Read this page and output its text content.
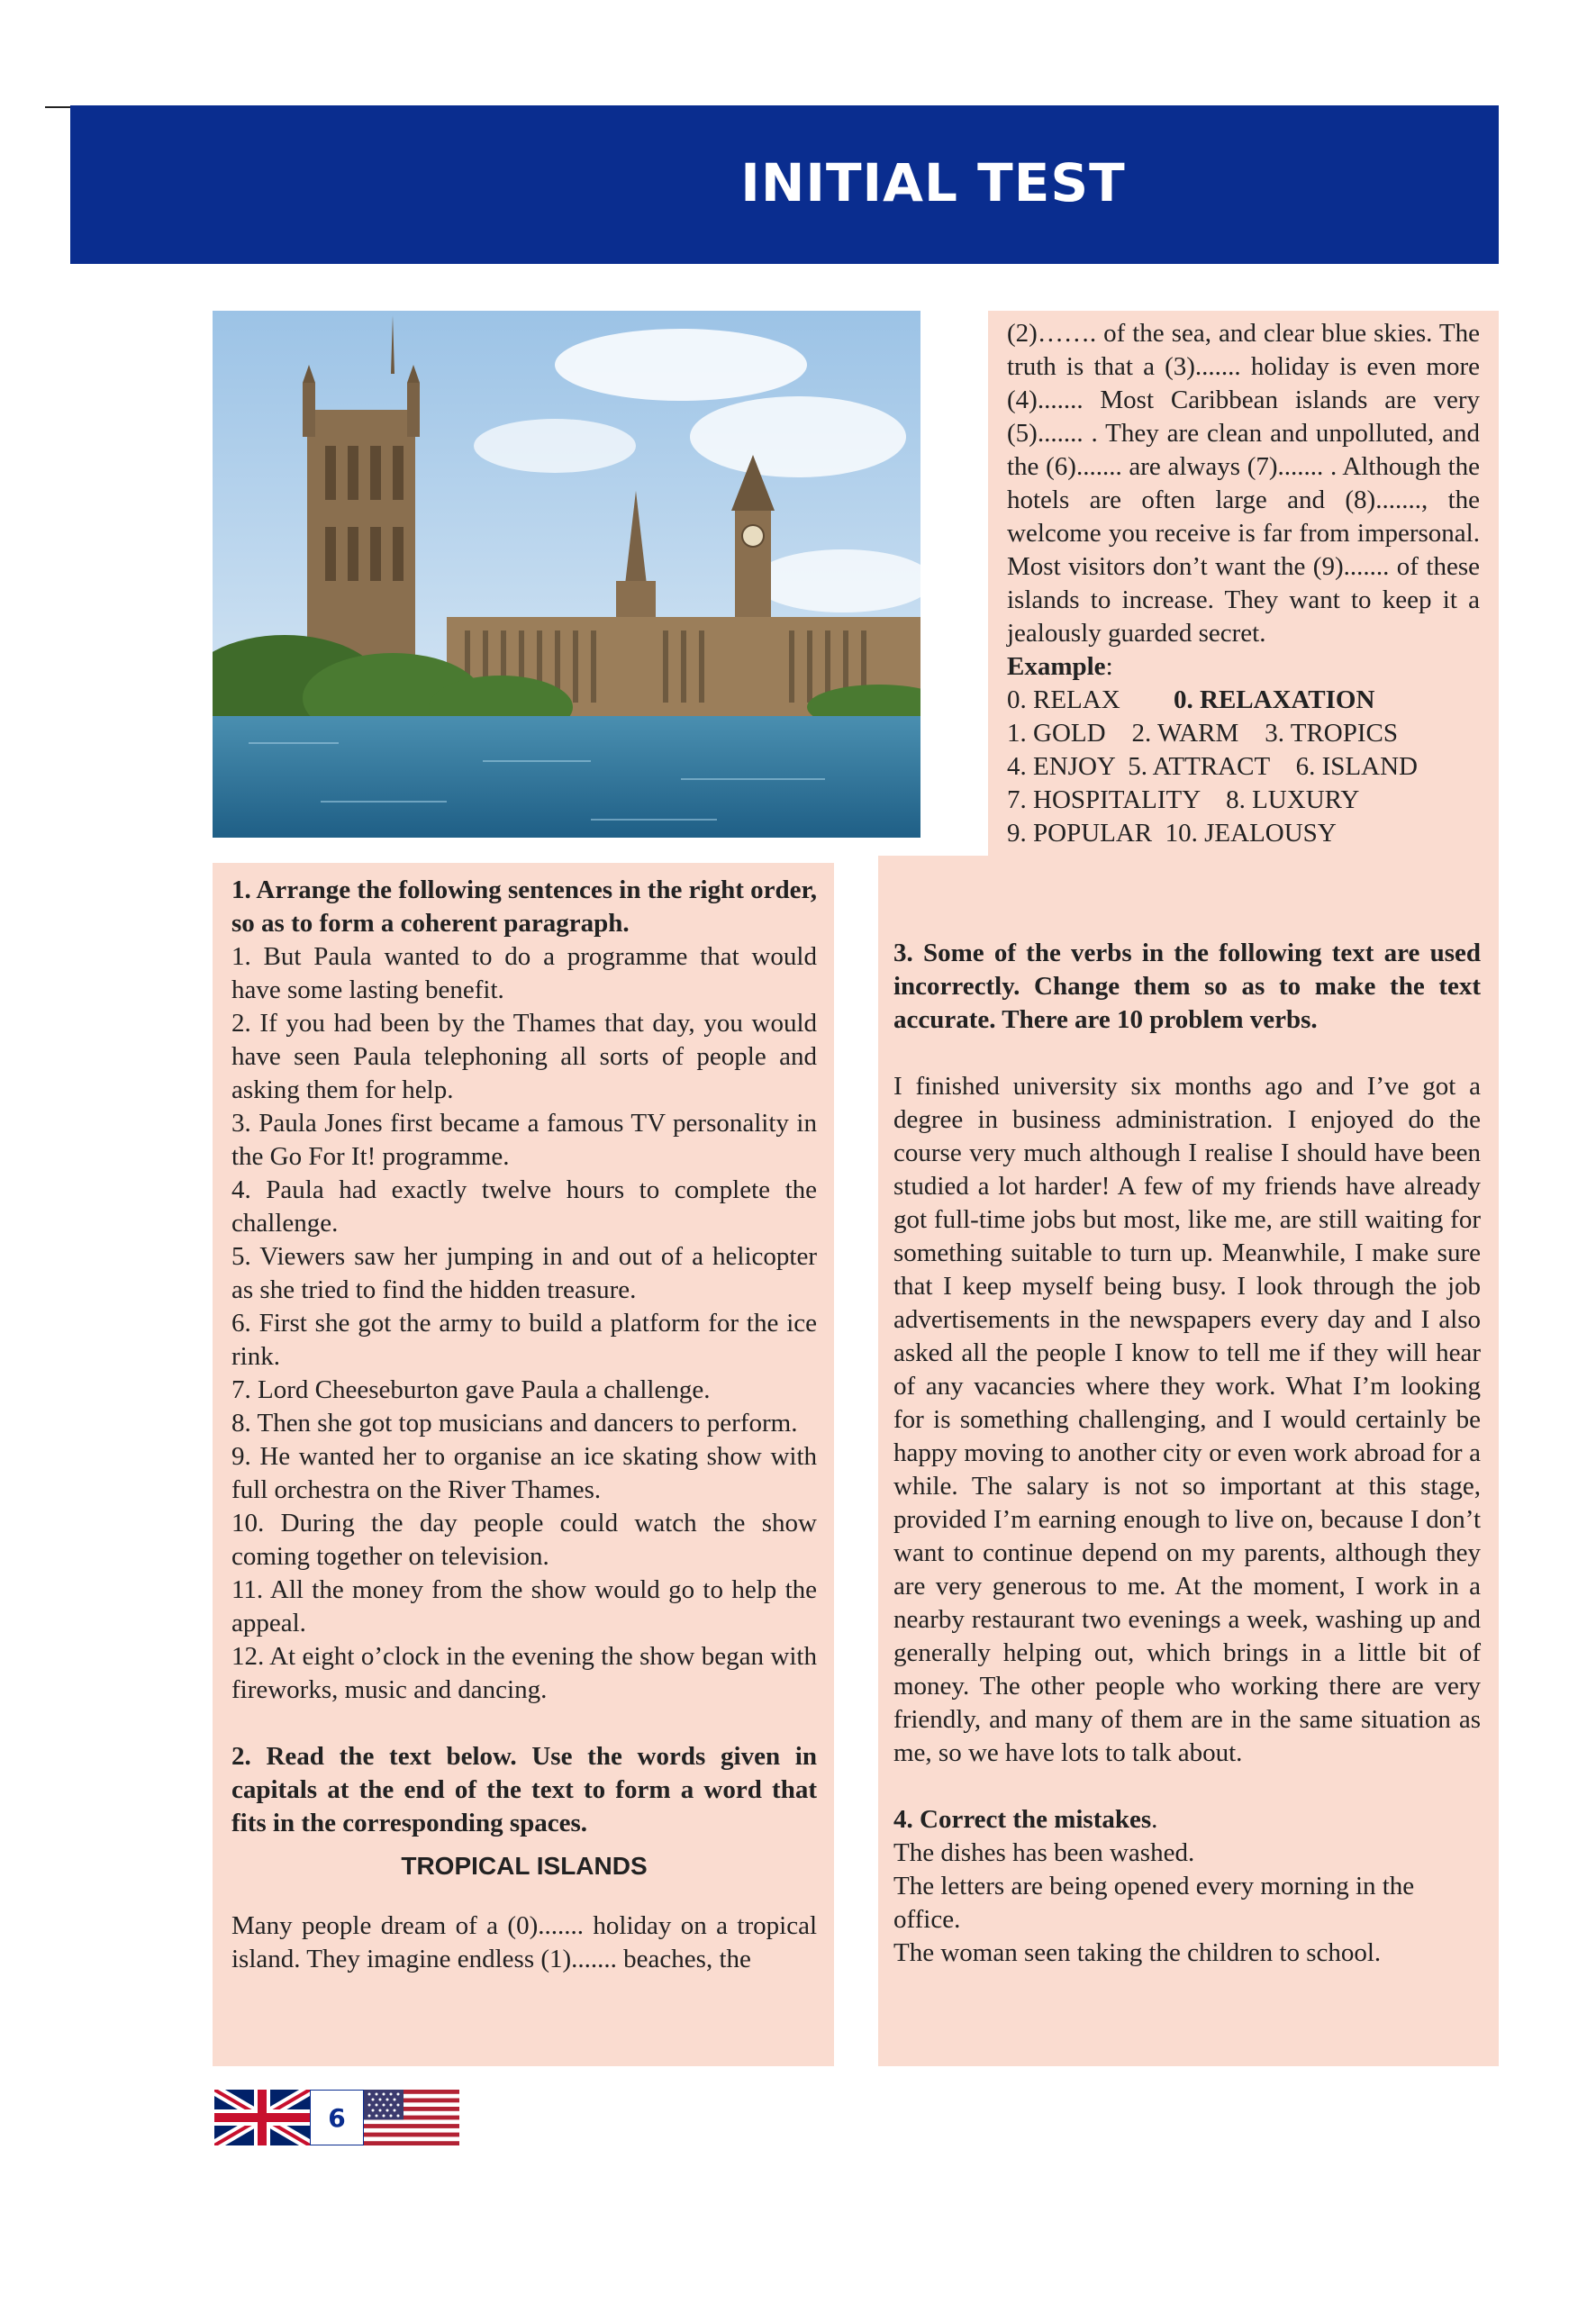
INITIAL TEST

1. Arrange the following sentences in the right order, so as to form a coherent paragraph.

1. But Paula wanted to do a programme that would have some lasting benefit.

2. If you had been by the Thames that day, you would have seen Paula telephoning all sorts of people and asking them for help.

3. Paula Jones first became a famous TV personality in the Go For It! programme.

4. Paula had exactly twelve hours to complete the challenge.

5. Viewers saw her jumping in and out of a helicopter as she tried to find the hidden treasure.

6. First she got the army to build a platform for the ice rink.

7. Lord Cheeseburton gave Paula a challenge.

8. Then she got top musicians and dancers to perform.

9. He wanted her to organise an ice skating show with full orchestra on the River Thames.

10. During the day people could watch the show coming together on television.

11. All the money from the show would go to help the appeal.

12. At eight o’clock in the evening the show began with fireworks, music and dancing.

2. Read the text below. Use the words given in capitals at the end of the text to form a word that fits in the corresponding spaces.

TROPICAL ISLANDS

Many people dream of a (0)....... holiday on a tropical island. They imagine endless (1)....... beaches, the

(2)……. of the sea, and clear blue skies. The truth is that a (3)....... holiday is even more (4)....... Most Caribbean islands are very (5)....... . They are clean and unpolluted, and the (6)....... are always (7)....... . Although the hotels are often large and (8)......., the welcome you receive is far from impersonal. Most visitors don’t want the (9)....... of these islands to increase. They want to keep it a jealously guarded secret.

Example:

0. RELAX 0. RELAXATION

1. GOLD    2. WARM    3. TROPICS

4. ENJOY  5. ATTRACT    6. ISLAND

7. HOSPITALITY    8. LUXURY

9. POPULAR  10. JEALOUSY

3. Some of the verbs in the following text are used incorrectly. Change them so as to make the text accurate. There are 10 problem verbs.

I finished university six months ago and I’ve got a degree in business administration. I enjoyed do the course very much although I realise I should have been studied a lot harder! A few of my friends have already got full-time jobs but most, like me, are still waiting for something suitable to turn up. Meanwhile, I make sure that I keep myself being busy. I look through the job advertisements in the newspapers every day and I also asked all the people I know to tell me if they will hear of any vacancies where they work. What I’m looking for is something challenging, and I would certainly be happy moving to another city or even work abroad for a while. The salary is not so important at this stage, provided I’m earning enough to live on, because I don’t want to continue depend on my parents, although they are very generous to me. At the moment, I work in a nearby restaurant two evenings a week, washing up and generally helping out, which brings in a little bit of money. The other people who working there are very friendly, and many of them are in the same situation as me, so we have lots to talk about.

4. Correct the mistakes.

The dishes has been washed.

The letters are being opened every morning in the office.

The woman seen taking the children to school.

6
